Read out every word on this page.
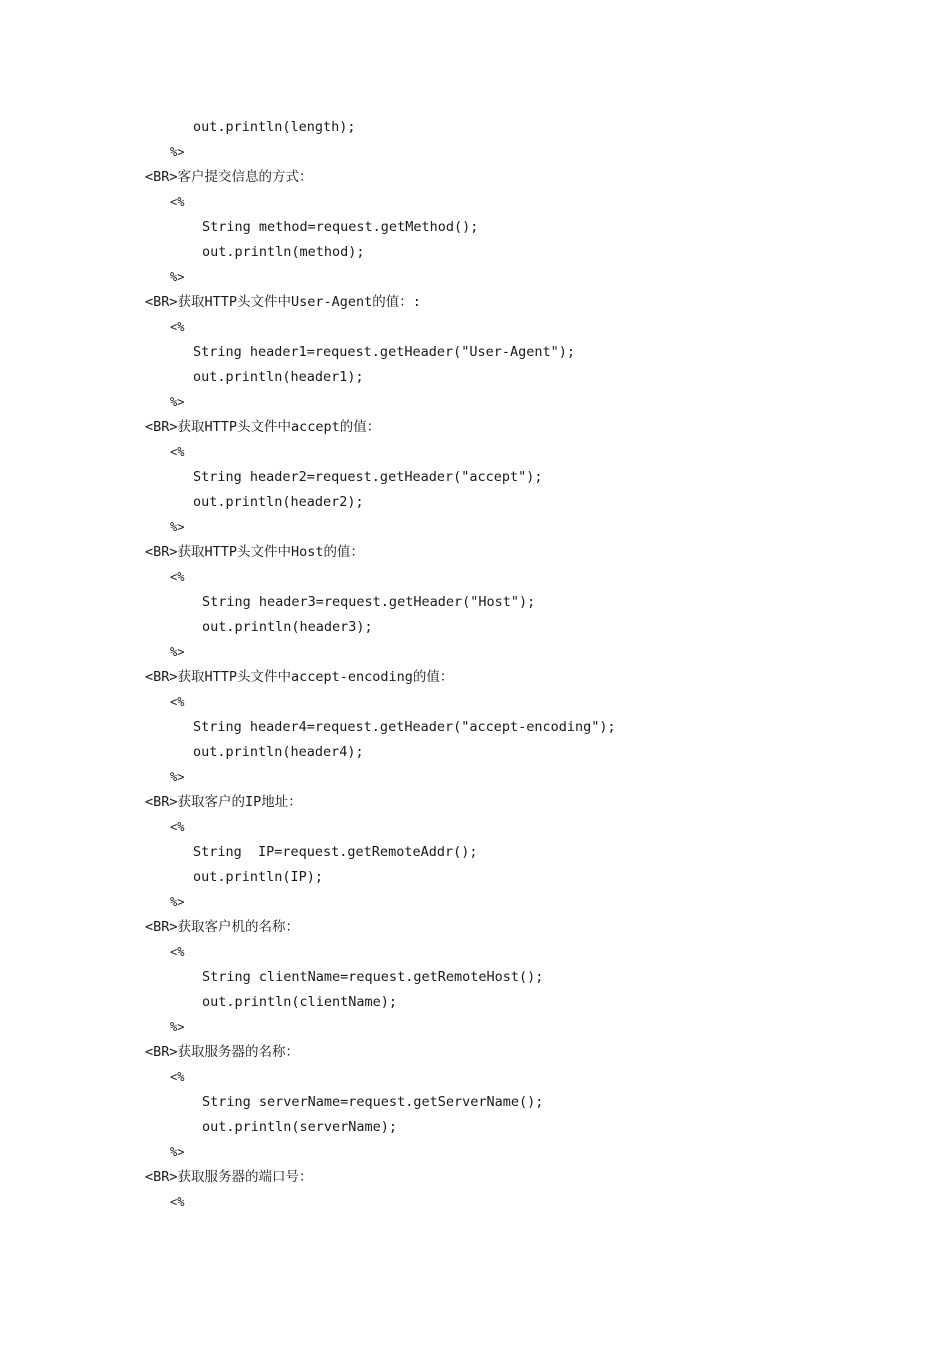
out.println(length);
%>
<BR>客户提交信息的方式：
<%
String method=request.getMethod();
out.println(method);
%>
<BR>获取HTTP头文件中User-Agent的值：:
<%
String header1=request.getHeader("User-Agent");
out.println(header1);
%>
<BR>获取HTTP头文件中accept的值：
<%
String header2=request.getHeader("accept");
out.println(header2);
%>
<BR>获取HTTP头文件中Host的值：
<%
String header3=request.getHeader("Host");
out.println(header3);
%>
<BR>获取HTTP头文件中accept-encoding的值：
<%
String header4=request.getHeader("accept-encoding");
out.println(header4);
%>
<BR>获取客户的IP地址：
<%
String  IP=request.getRemoteAddr();
out.println(IP);
%>
<BR>获取客户机的名称：
<%
String clientName=request.getRemoteHost();
out.println(clientName);
%>
<BR>获取服务器的名称：
<%
String serverName=request.getServerName();
out.println(serverName);
%>
<BR>获取服务器的端口号：
<%
